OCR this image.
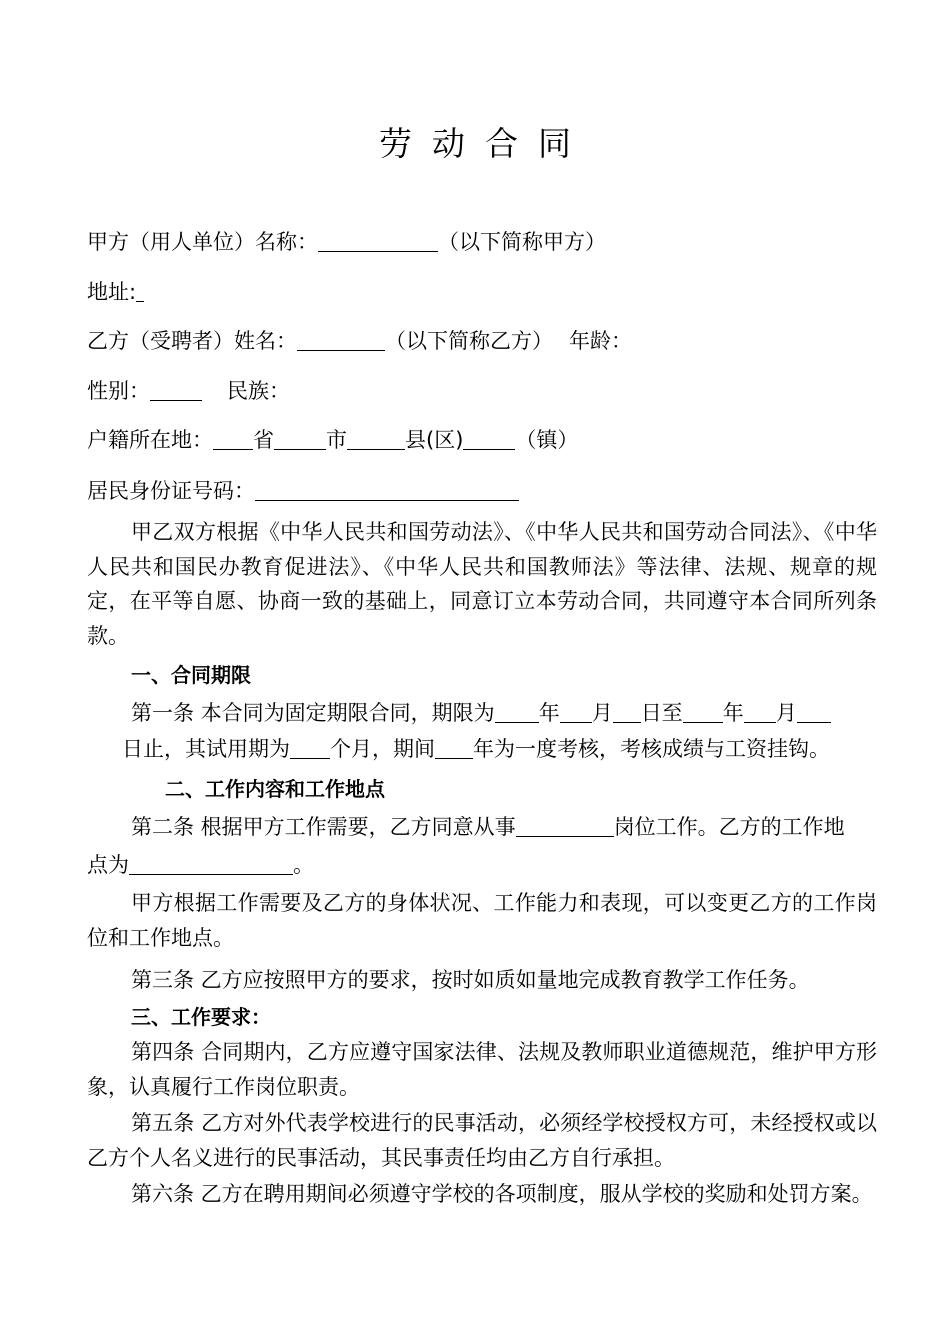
劳动合同
甲方（用人单位）名称：	（以下简称甲方）
地址:
乙方（受聘者）姓名：	（以下简称乙方） 年龄：
性别：	民族：
户籍所在地： 省 市	县(区) （镇）
居民身份证号码：
甲乙双方根据《中华人民共和国劳动法》、《中华人民共和国劳动合同法》、《中华人民共和国民办教育促进法》、《中华人民共和国教师法》等法律、法规、规章的规定，在平等自愿、协商一致的基础上，同意订立本劳动合同，共同遵守本合同所列条款。
一、合同期限
第一条 本合同为固定期限合同，期限为 年 月 日至 年 月
日止，其试用期为 个月，期间 年为一度考核，考核成绩与工资挂钩。
二、工作内容和工作地点
第二条 根据甲方工作需要，乙方同意从事	岗位工作。乙方的工作地
点为	。
甲方根据工作需要及乙方的身体状况、工作能力和表现，可以变更乙方的工作岗位和工作地点。
第三条 乙方应按照甲方的要求，按时如质如量地完成教育教学工作任务。
三、工作要求：
第四条 合同期内，乙方应遵守国家法律、法规及教师职业道德规范，维护甲方形象，认真履行工作岗位职责。
第五条 乙方对外代表学校进行的民事活动，必须经学校授权方可，未经授权或以乙方个人名义进行的民事活动，其民事责任均由乙方自行承担。
第六条 乙方在聘用期间必须遵守学校的各项制度，服从学校的奖励和处罚方案。
